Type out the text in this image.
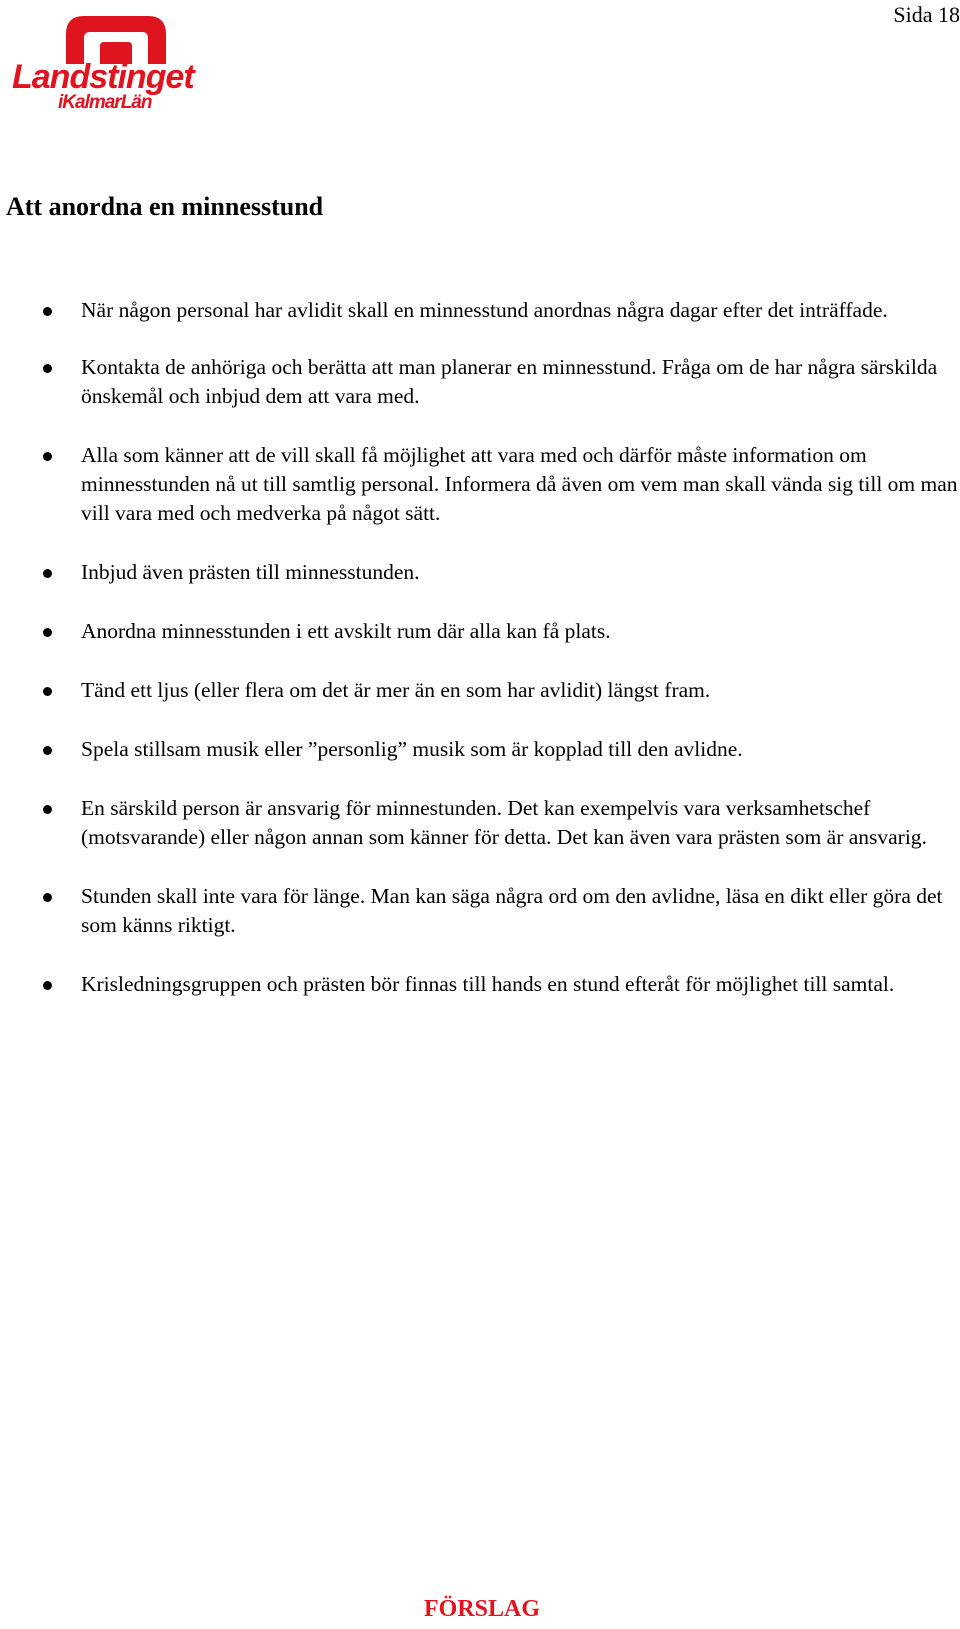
Sida 18
Landstinget
iKalmarLän
Att anordna en minnesstund
När någon personal har avlidit skall en minnesstund anordnas några dagar efter det inträffade.
Kontakta de anhöriga och berätta att man planerar en minnesstund. Fråga om de har några särskilda önskemål och inbjud dem att vara med.
Alla som känner att de vill skall få möjlighet att vara med och därför måste information om minnesstunden nå ut till samtlig personal. Informera då även om vem man skall vända sig till om man vill vara med och medverka på något sätt.
Inbjud även prästen till minnesstunden.
Anordna minnesstunden i ett avskilt rum där alla kan få plats.
Tänd ett ljus (eller flera om det är mer än en som har avlidit) längst fram.
Spela stillsam musik eller ”personlig” musik som är kopplad till den avlidne.
En särskild person är ansvarig för minnestunden. Det kan exempelvis vara verksamhetschef (motsvarande) eller någon annan som känner för detta. Det kan även vara prästen som är ansvarig.
Stunden skall inte vara för länge. Man kan säga några ord om den avlidne, läsa en dikt eller göra det som känns riktigt.
Krisledningsgruppen och prästen bör finnas till hands en stund efteråt för möjlighet till samtal.
FÖRSLAG
